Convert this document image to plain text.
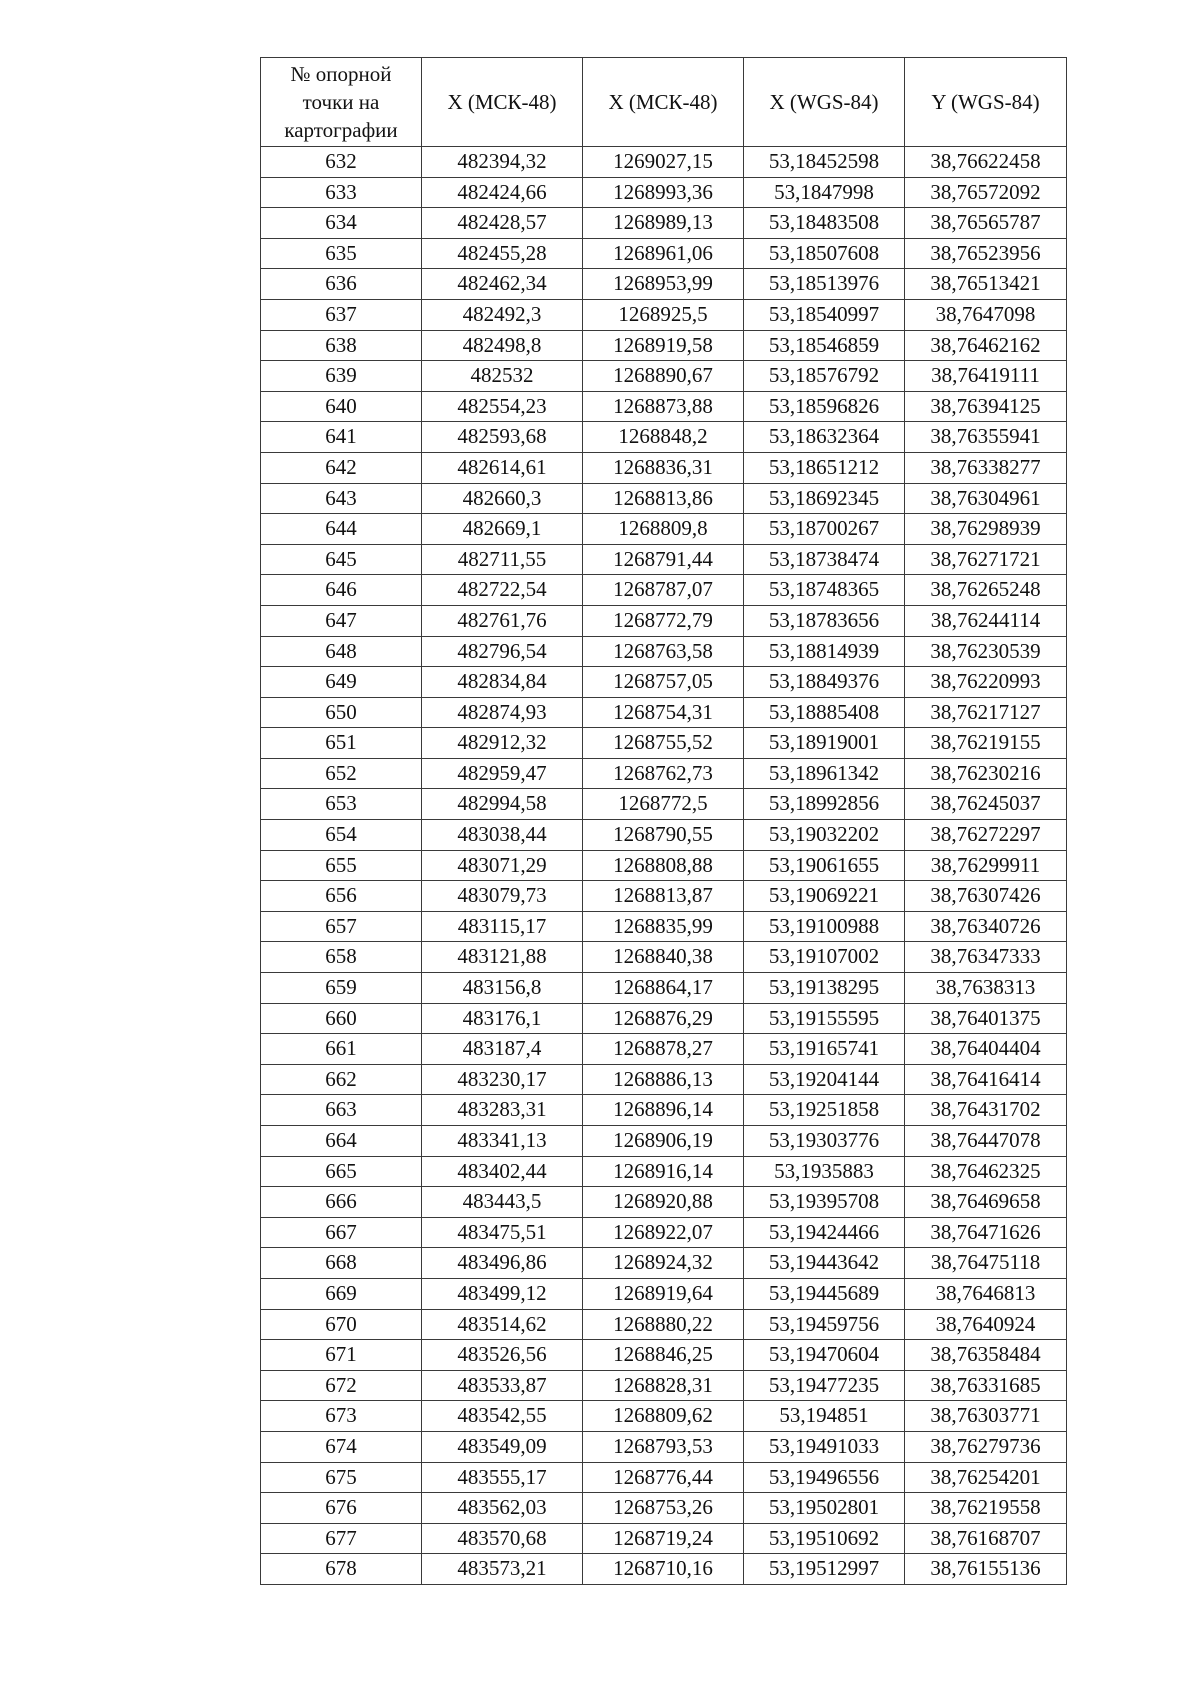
№ опорной
точки на
картографии	X (МСК-48)	X (МСК-48)	X (WGS-84)	Y (WGS-84)
632	482394,32	1269027,15	53,18452598	38,76622458
633	482424,66	1268993,36	53,1847998	38,76572092
634	482428,57	1268989,13	53,18483508	38,76565787
635	482455,28	1268961,06	53,18507608	38,76523956
636	482462,34	1268953,99	53,18513976	38,76513421
637	482492,3	1268925,5	53,18540997	38,7647098
638	482498,8	1268919,58	53,18546859	38,76462162
639	482532	1268890,67	53,18576792	38,76419111
640	482554,23	1268873,88	53,18596826	38,76394125
641	482593,68	1268848,2	53,18632364	38,76355941
642	482614,61	1268836,31	53,18651212	38,76338277
643	482660,3	1268813,86	53,18692345	38,76304961
644	482669,1	1268809,8	53,18700267	38,76298939
645	482711,55	1268791,44	53,18738474	38,76271721
646	482722,54	1268787,07	53,18748365	38,76265248
647	482761,76	1268772,79	53,18783656	38,76244114
648	482796,54	1268763,58	53,18814939	38,76230539
649	482834,84	1268757,05	53,18849376	38,76220993
650	482874,93	1268754,31	53,18885408	38,76217127
651	482912,32	1268755,52	53,18919001	38,76219155
652	482959,47	1268762,73	53,18961342	38,76230216
653	482994,58	1268772,5	53,18992856	38,76245037
654	483038,44	1268790,55	53,19032202	38,76272297
655	483071,29	1268808,88	53,19061655	38,76299911
656	483079,73	1268813,87	53,19069221	38,76307426
657	483115,17	1268835,99	53,19100988	38,76340726
658	483121,88	1268840,38	53,19107002	38,76347333
659	483156,8	1268864,17	53,19138295	38,7638313
660	483176,1	1268876,29	53,19155595	38,76401375
661	483187,4	1268878,27	53,19165741	38,76404404
662	483230,17	1268886,13	53,19204144	38,76416414
663	483283,31	1268896,14	53,19251858	38,76431702
664	483341,13	1268906,19	53,19303776	38,76447078
665	483402,44	1268916,14	53,1935883	38,76462325
666	483443,5	1268920,88	53,19395708	38,76469658
667	483475,51	1268922,07	53,19424466	38,76471626
668	483496,86	1268924,32	53,19443642	38,76475118
669	483499,12	1268919,64	53,19445689	38,7646813
670	483514,62	1268880,22	53,19459756	38,7640924
671	483526,56	1268846,25	53,19470604	38,76358484
672	483533,87	1268828,31	53,19477235	38,76331685
673	483542,55	1268809,62	53,194851	38,76303771
674	483549,09	1268793,53	53,19491033	38,76279736
675	483555,17	1268776,44	53,19496556	38,76254201
676	483562,03	1268753,26	53,19502801	38,76219558
677	483570,68	1268719,24	53,19510692	38,76168707
678	483573,21	1268710,16	53,19512997	38,76155136
